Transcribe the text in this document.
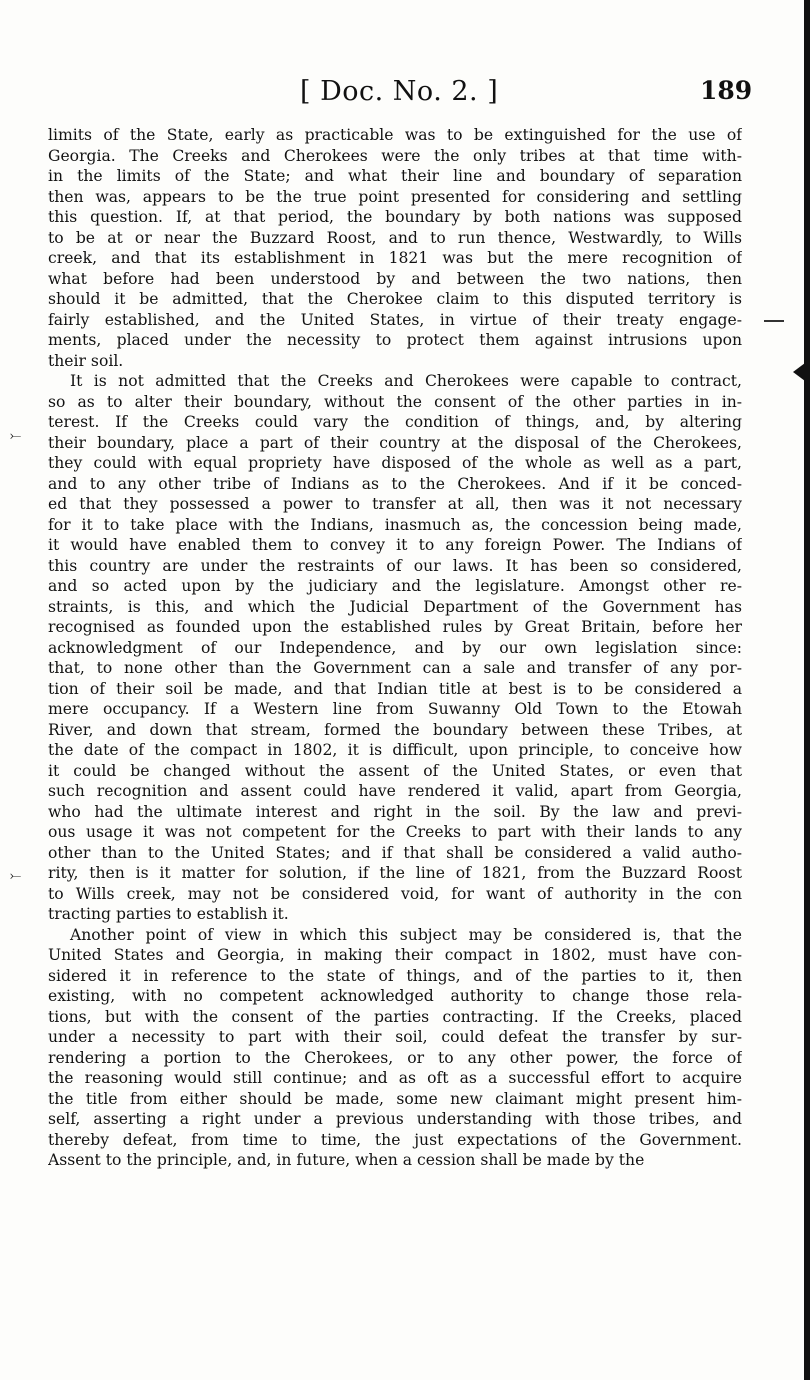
[ Doc. No. 2. ]	189
⤚
⤚
limits of the State, early as practicable was to be extinguished for the use of
Georgia. The Creeks and Cherokees were the only tribes at that time with-
in the limits of the State; and what their line and boundary of separation
then was, appears to be the true point presented for considering and settling
this question. If, at that period, the boundary by both nations was supposed
to be at or near the Buzzard Roost, and to run thence, Westwardly, to Wills
creek, and that its establishment in 1821 was but the mere recognition of
what before had been understood by and between the two nations, then
should it be admitted, that the Cherokee claim to this disputed territory is
fairly established, and the United States, in virtue of their treaty engage-
ments, placed under the necessity to protect them against intrusions upon
their soil.
It is not admitted that the Creeks and Cherokees were capable to contract,
so as to alter their boundary, without the consent of the other parties in in-
terest. If the Creeks could vary the condition of things, and, by altering
their boundary, place a part of their country at the disposal of the Cherokees,
they could with equal propriety have disposed of the whole as well as a part,
and to any other tribe of Indians as to the Cherokees. And if it be conced-
ed that they possessed a power to transfer at all, then was it not necessary
for it to take place with the Indians, inasmuch as, the concession being made,
it would have enabled them to convey it to any foreign Power. The Indians of
this country are under the restraints of our laws. It has been so considered,
and so acted upon by the judiciary and the legislature. Amongst other re-
straints, is this, and which the Judicial Department of the Government has
recognised as founded upon the established rules by Great Britain, before her
acknowledgment of our Independence, and by our own legislation since:
that, to none other than the Government can a sale and transfer of any por-
tion of their soil be made, and that Indian title at best is to be considered a
mere occupancy. If a Western line from Suwanny Old Town to the Etowah
River, and down that stream, formed the boundary between these Tribes, at
the date of the compact in 1802, it is difficult, upon principle, to conceive how
it could be changed without the assent of the United States, or even that
such recognition and assent could have rendered it valid, apart from Georgia,
who had the ultimate interest and right in the soil. By the law and previ-
ous usage it was not competent for the Creeks to part with their lands to any
other than to the United States; and if that shall be considered a valid autho-
rity, then is it matter for solution, if the line of 1821, from the Buzzard Roost
to Wills creek, may not be considered void, for want of authority in the con
tracting parties to establish it.
Another point of view in which this subject may be considered is, that the
United States and Georgia, in making their compact in 1802, must have con-
sidered it in reference to the state of things, and of the parties to it, then
existing, with no competent acknowledged authority to change those rela-
tions, but with the consent of the parties contracting. If the Creeks, placed
under a necessity to part with their soil, could defeat the transfer by sur-
rendering a portion to the Cherokees, or to any other power, the force of
the reasoning would still continue; and as oft as a successful effort to acquire
the title from either should be made, some new claimant might present him-
self, asserting a right under a previous understanding with those tribes, and
thereby defeat, from time to time, the just expectations of the Government.
Assent to the principle, and, in future, when a cession shall be made by the
